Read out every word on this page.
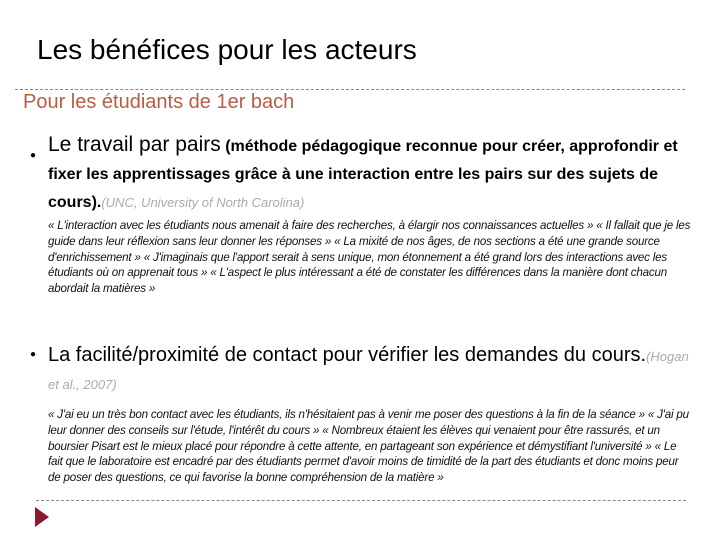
Les bénéfices pour les acteurs
Pour les étudiants de 1er bach
● Le travail par pairs (méthode pédagogique reconnue pour créer, approfondir et fixer les apprentissages grâce à une interaction entre les pairs sur des sujets de cours).(UNC, University of North Carolina)
« L'interaction avec les étudiants nous amenait à faire des recherches, à élargir nos connaissances actuelles » « Il fallait que je les guide dans leur réflexion sans leur donner les réponses » « La mixité de nos âges, de nos sections a été une grande source d'enrichissement » « J'imaginais que l'apport serait à sens unique, mon étonnement a été grand lors des interactions avec les étudiants où on apprenait tous » « L'aspect le plus intéressant a été de constater les différences dans la manière dont chacun abordait la matières »
● La facilité/proximité de contact pour vérifier les demandes du cours.(Hogan et al., 2007)
« J'ai eu un très bon contact avec les étudiants, ils n'hésitaient pas à venir me poser des questions à la fin de la séance » « J'ai pu leur donner des conseils sur l'étude, l'intérêt du cours » « Nombreux étaient les élèves qui venaient pour être rassurés, et un boursier Pisart est le mieux placé pour répondre à cette attente, en partageant son expérience et démystifiant l'université » « Le fait que le laboratoire est encadré par des étudiants permet d'avoir moins de timidité de la part des étudiants et donc moins peur de poser des questions, ce qui favorise la bonne compréhension de la matière »
